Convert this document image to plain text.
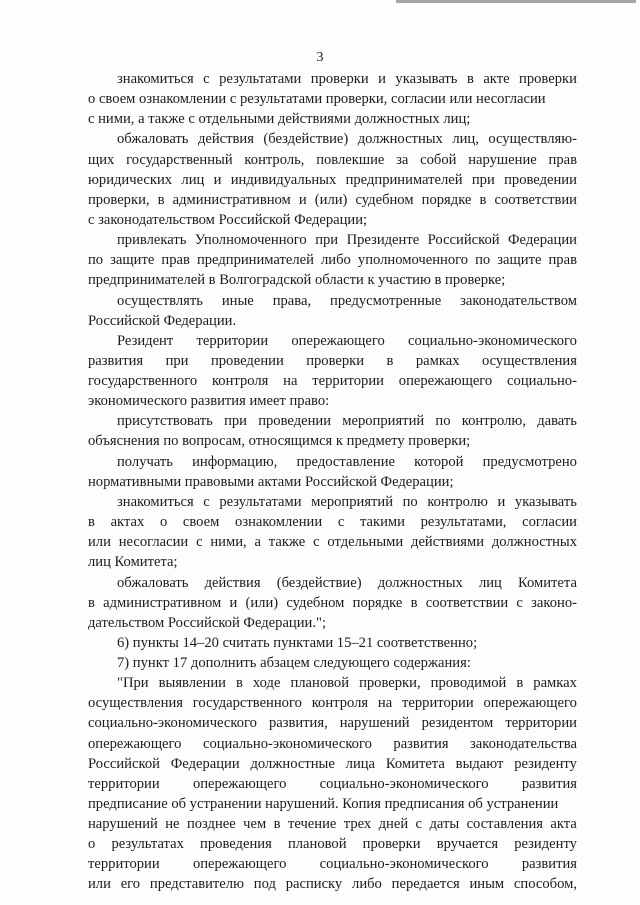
3
знакомиться с результатами проверки и указывать в акте проверки
о своем ознакомлении с результатами проверки, согласии или несогласии
с ними, а также с отдельными действиями должностных лиц;
обжаловать действия (бездействие) должностных лиц, осуществляю-
щих государственный контроль, повлекшие за собой нарушение прав
юридических лиц и индивидуальных предпринимателей при проведении
проверки, в административном и (или) судебном порядке в соответствии
с законодательством Российской Федерации;
привлекать Уполномоченного при Президенте Российской Федерации
по защите прав предпринимателей либо уполномоченного по защите прав
предпринимателей в Волгоградской области к участию в проверке;
осуществлять иные права, предусмотренные законодательством
Российской Федерации.
Резидент территории опережающего социально-экономического
развития при проведении проверки в рамках осуществления
государственного контроля на территории опережающего социально-
экономического развития имеет право:
присутствовать при проведении мероприятий по контролю, давать
объяснения по вопросам, относящимся к предмету проверки;
получать информацию, предоставление которой предусмотрено
нормативными правовыми актами Российской Федерации;
знакомиться с результатами мероприятий по контролю и указывать
в актах о своем ознакомлении с такими результатами, согласии
или несогласии с ними, а также с отдельными действиями должностных
лиц Комитета;
обжаловать действия (бездействие) должностных лиц Комитета
в административном и (или) судебном порядке в соответствии с законо-
дательством Российской Федерации.";
6) пункты 14–20 считать пунктами 15–21 соответственно;
7) пункт 17 дополнить абзацем следующего содержания:
"При выявлении в ходе плановой проверки, проводимой в рамках
осуществления государственного контроля на территории опережающего
социально-экономического развития, нарушений резидентом территории
опережающего социально-экономического развития законодательства
Российской Федерации должностные лица Комитета выдают резиденту
территории опережающего социально-экономического развития
предписание об устранении нарушений. Копия предписания об устранении
нарушений не позднее чем в течение трех дней с даты составления акта
о результатах проведения плановой проверки вручается резиденту
территории опережающего социально-экономического развития
или его представителю под расписку либо передается иным способом,
